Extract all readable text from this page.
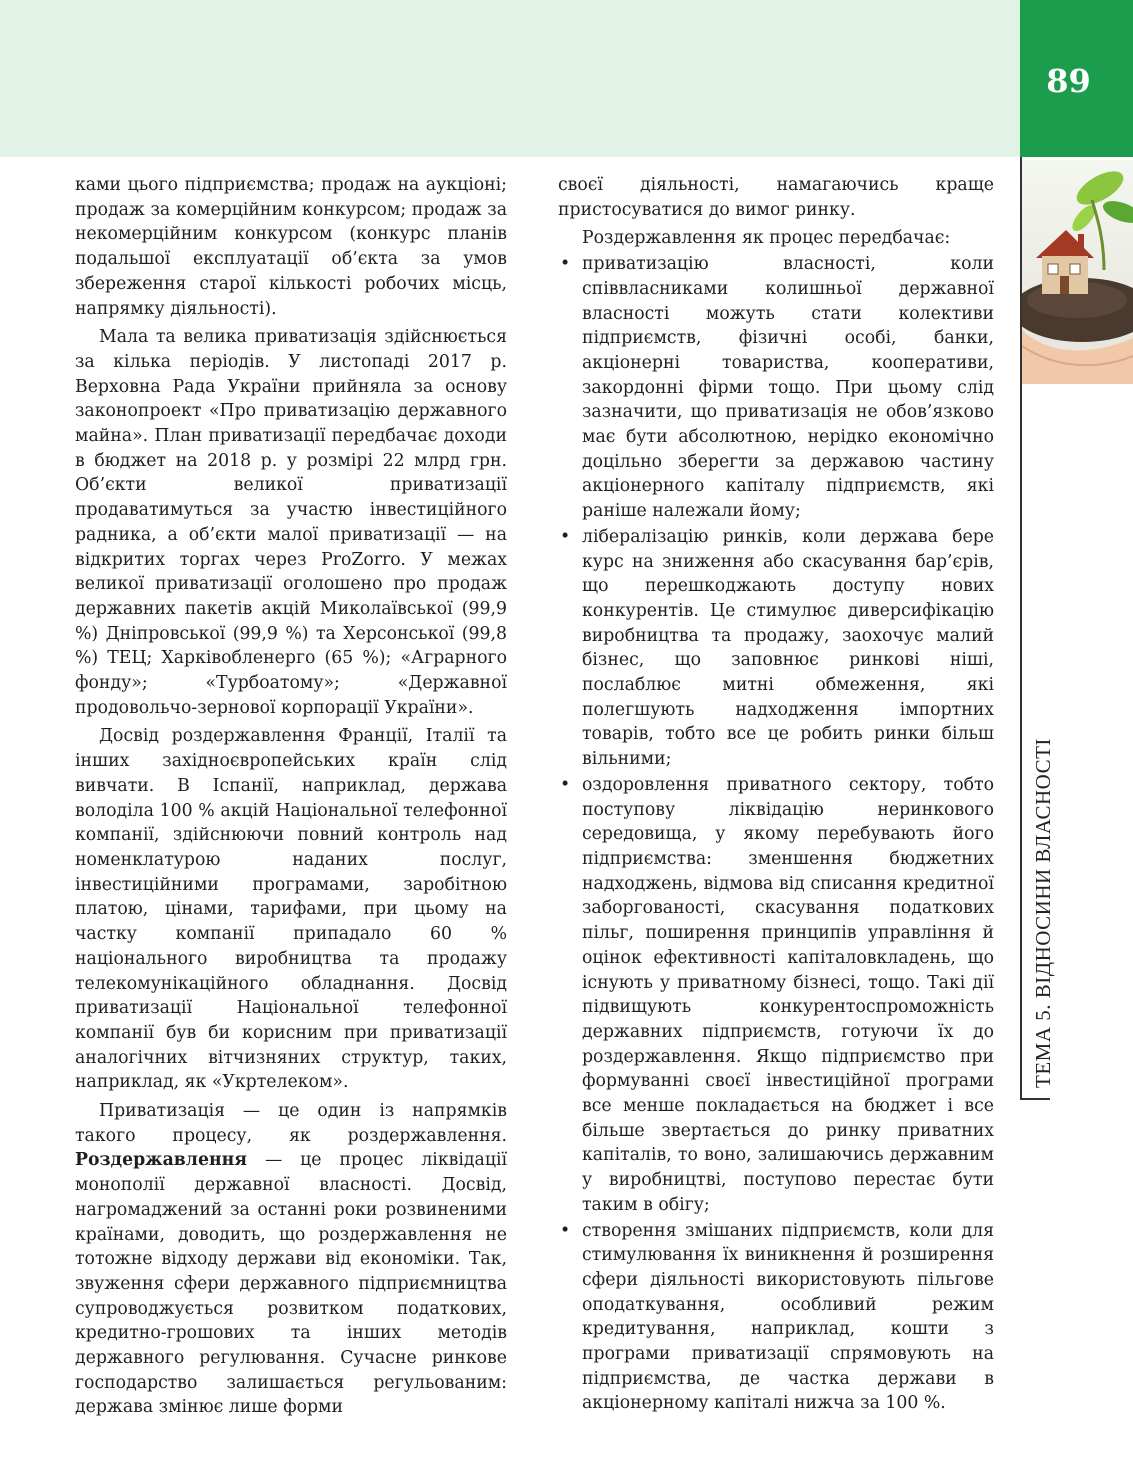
89
ТЕМА 5. ВІДНОСИНИ ВЛАСНОСТІ

ками цього підприємства; продаж на аукціоні; продаж за комерційним конкурсом; продаж за некомерційним конкурсом (конкурс планів подальшої експлуатації об’єкта за умов збереження старої кількості робочих місць, напрямку діяльності).

Мала та велика приватизація здійснюється за кілька періодів. У листопаді 2017 р. Верховна Рада України прийняла за основу законопроект «Про приватизацію державного майна». План приватизації передбачає доходи в бюджет на 2018 р. у розмірі 22 млрд грн. Об’єкти великої приватизації продаватимуться за участю інвестиційного радника, а об’єкти малої приватизації — на відкритих торгах через ProZorro. У межах великої приватизації оголошено про продаж державних пакетів акцій Миколаївської (99,9 %) Дніпровської (99,9 %) та Херсонської (99,8 %) ТЕЦ; Харківобленерго (65 %); «Аграрного фонду»; «Турбоатому»; «Державної продовольчо-зернової корпорації України».

Досвід роздержавлення Франції, Італії та інших західноєвропейських країн слід вивчати. В Іспанії, наприклад, держава володіла 100 % акцій Національної телефонної компанії, здійснюючи повний контроль над номенклатурою наданих послуг, інвестиційними програмами, заробітною платою, цінами, тарифами, при цьому на частку компанії припадало 60 % національного виробництва та продажу телекомунікаційного обладнання. Досвід приватизації Національної телефонної компанії був би корисним при приватизації аналогічних вітчизняних структур, таких, наприклад, як «Укртелеком».

Приватизація — це один із напрямків такого процесу, як роздержавлення. Роздержавлення — це процес ліквідації монополії державної власності. Досвід, нагромаджений за останні роки розвиненими країнами, доводить, що роздержавлення не тотожне відходу держави від економіки. Так, звуження сфери державного підприємництва супроводжується розвитком податкових, кредитно-грошових та інших методів державного регулювання. Сучасне ринкове господарство залишається регульованим: держава змінює лише форми

своєї діяльності, намагаючись краще пристосуватися до вимог ринку.

Роздержавлення як процес передбачає:

• приватизацію власності, коли співвласниками колишньої державної власності можуть стати колективи підприємств, фізичні особі, банки, акціонерні товариства, кооперативи, закордонні фірми тощо. При цьому слід зазначити, що приватизація не обов’язково має бути абсолютною, нерідко економічно доцільно зберегти за державою частину акціонерного капіталу підприємств, які раніше належали йому;
• лібералізацію ринків, коли держава бере курс на зниження або скасування бар’єрів, що перешкоджають доступу нових конкурентів. Це стимулює диверсифікацію виробництва та продажу, заохочує малий бізнес, що заповнює ринкові ніші, послаблює митні обмеження, які полегшують надходження імпортних товарів, тобто все це робить ринки більш вільними;
• оздоровлення приватного сектору, тобто поступову ліквідацію неринкового середовища, у якому перебувають його підприємства: зменшення бюджетних надходжень, відмова від списання кредитної заборгованості, скасування податкових пільг, поширення принципів управління й оцінок ефективності капіталовкладень, що існують у приватному бізнесі, тощо. Такі дії підвищують конкурентоспроможність державних підприємств, готуючи їх до роздержавлення. Якщо підприємство при формуванні своєї інвестиційної програми все менше покладається на бюджет і все більше звертається до ринку приватних капіталів, то воно, залишаючись державним у виробництві, поступово перестає бути таким в обігу;
• створення змішаних підприємств, коли для стимулювання їх виникнення й розширення сфери діяльності використовують пільгове оподаткування, особливий режим кредитування, наприклад, кошти з програми приватизації спрямовують на підприємства, де частка держави в акціонерному капіталі нижча за 100 %.
